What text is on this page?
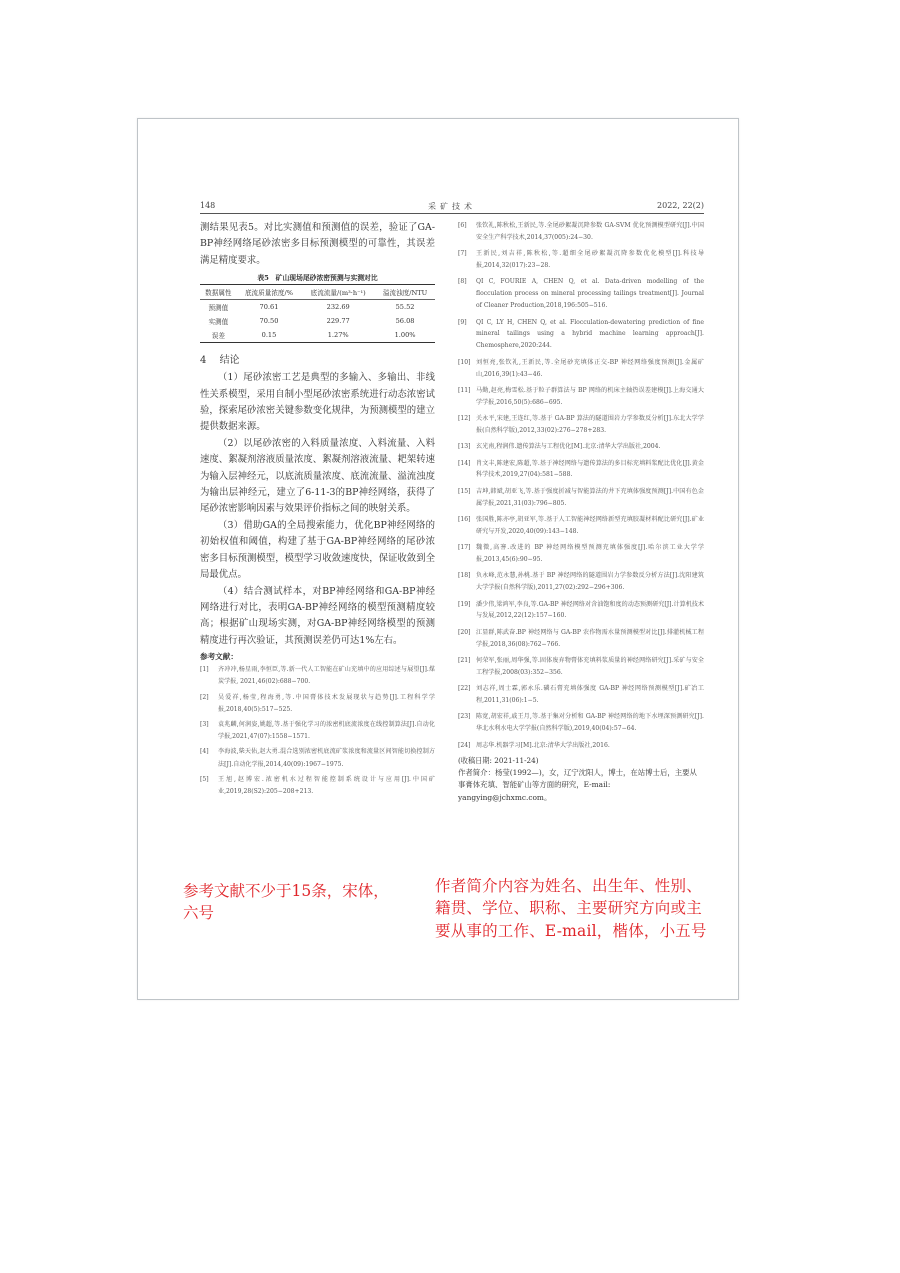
148	采矿技术	2022, 22(2)

测结果见表5。对比实测值和预测值的误差，验证了GA-BP神经网络尾砂浓密多目标预测模型的可靠性，其误差满足精度要求。

表5　矿山现场尾砂浓密预测与实测对比
数据属性	底流质量浓度/%	底流流量/(m³·h⁻¹)	溢流浊度/NTU
预测值	70.61	232.69	55.52
实测值	70.50	229.77	56.08
误差	0.15	1.27%	1.00%
4 结论

（1）尾砂浓密工艺是典型的多输入、多输出、非线性关系模型，采用自制小型尾砂浓密系统进行动态浓密试验，探索尾砂浓密关键参数变化规律，为预测模型的建立提供数据来源。

（2）以尾砂浓密的入料质量浓度、入料流量、入料速度、絮凝剂溶液质量浓度、絮凝剂溶液流量、耙架转速为输入层神经元，以底流质量浓度、底流流量、溢流浊度为输出层神经元，建立了6-11-3的BP神经网络，获得了尾砂浓密影响因素与效果评价指标之间的映射关系。

（3）借助GA的全局搜索能力，优化BP神经网络的初始权值和阈值，构建了基于GA-BP神经网络的尾砂浓密多目标预测模型，模型学习收敛速度快，保证收敛到全局最优点。

（4）结合测试样本，对BP神经网络和GA-BP神经网络进行对比，表明GA-BP神经网络的模型预测精度较高；根据矿山现场实测，对GA-BP神经网络模型的预测精度进行再次验证，其预测误差仍可达1%左右。

参考文献：
[1]	齐冲冲,杨星雨,李恒臣,等.新一代人工智能在矿山充填中的应用综述与展望[J].煤炭学报, 2021,46(02):688−700.
[2]	吴爱祥,杨莹,程海勇,等.中国膏体技术发展现状与趋势[J].工程科学学报,2018,40(5):517−525.
[3]	袁兆麟,何润姿,姚超,等.基于强化学习的浓密机底流浓度在线控制算法[J].自动化学报,2021,47(07):1558−1571.
[4]	李海波,柴天佑,赵大勇.混合选别浓密机底流矿浆浓度和流量区间智能切换控制方法[J].自动化学报,2014,40(09):1967−1975.
[5]	王旭,赵博宏.浓密机水过程智能控制系统设计与应用[J].中国矿业,2019,28(S2):205−208+213.
[6]	张钦礼,陈秋松,王新民,等.全尾砂絮凝沉降参数 GA-SVM 优化预测模型研究[J].中国安全生产科学技术,2014,37(005):24−30.
[7]	王新民,刘吉祥,陈秋松,等.超细全尾砂絮凝沉降参数优化模型[J].科技导报,2014,32(017):23−28.
[8]	QI C, FOURIE A, CHEN Q, et al. Data-driven modelling of the flocculation process on mineral processing tailings treatment[J]. Journal of Cleaner Production,2018,196:505−516.
[9]	QI C, LY H, CHEN Q, et al. Flocculation-dewatering prediction of fine mineral tailings using a hybrid machine learning approach[J]. Chemosphere,2020:244.
[10] 刘恒亮,张钦礼,王新民,等.全尾砂充填体正交-BP 神经网络强度预测[J].金属矿山,2016,39(1):43−46.
[11] 马勤,赵亮,梅雪松.基于粒子群算法与 BP 网络的机床主轴热误差建模[J].上海交通大学学报,2016,50(5):686−695.
[12] 关永平,宋建,王连红,等.基于 GA-BP 算法的隧道围岩力学参数反分析[J].东北大学学报(自然科学版),2012,33(02):276−278+283.
[13] 玄光南,程润伟.遗传算法与工程优化[M].北京:清华大学出版社,2004.
[14] 肖文丰,陈建宏,陈超,等.基于神经网络与遗传算法的多目标充填料浆配比优化[J].黄金科学技术,2019,27(04):581−588.
[15] 吉坤,韩斌,胡亚飞,等.基于强度折减与智能算法的井下充填体强度预测[J].中国有色金属学报,2021,31(03):796−805.
[16] 张国胜,陈亦亭,胡亚军,等.基于人工智能神经网络新型充填胶凝材料配比研究[J].矿业研究与开发,2020,40(09):143−148.
[17] 魏微,高謇.改进的 BP 神经网络模型预测充填体强度[J].哈尔滨工业大学学报,2013,45(6):90−95.
[18] 负永峰,范永慧,孙桃.基于 BP 神经网络的隧道围岩力学参数反分析方法[J].沈阳建筑大学学报(自然科学版),2011,27(02):292−296+306.
[19] 潘少伟,梁鸿军,李良,等.GA-BP 神经网络对含油饱和度的动态预测研究[J].计算机技术与发展,2012,22(12):157−160.
[20] 江显群,陈武奋.BP 神经网络与 GA-BP 农作物需水量预测模型对比[J].排灌机械工程学报,2018,36(08):762−766.
[21] 何荣军,张丽,周华强,等.固体废弃物膏体充填料浆质量的神经网络研究[J].采矿与安全工程学报,2008(03):352−356.
[22] 刘志祥,周士霖,郭永乐.磷石膏充填体强度 GA-BP 神经网络预测模型[J].矿冶工程,2011,31(06):1−5.
[23] 陈宽,胡宏祥,戚王月,等.基于集对分析和 GA-BP 神经网络的地下水埋深预测研究[J].华北水利水电大学学报(自然科学版),2019,40(04):57−64.
[24] 周志华.机器学习[M].北京:清华大学出版社,2016.
(收稿日期: 2021-11-24)

作者简介：杨莹(1992—)，女，辽宁沈阳人，博士，在站博士后，主要从事膏体充填、智能矿山等方面的研究，E-mail: yangying@jchxmc.com。

参考文献不少于15条，宋体，六号
作者简介内容为姓名、出生年、性别、籍贯、学位、职称、主要研究方向或主要从事的工作、E-mail，楷体，小五号
